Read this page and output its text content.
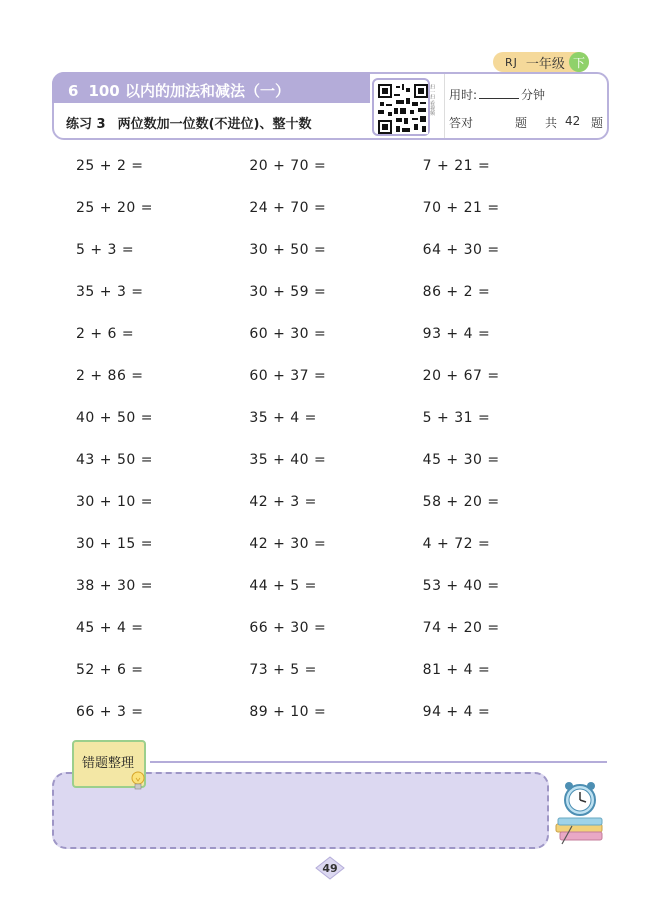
RJ 一年级 下
6 100 以内的加法和减法（一）
练习 3 两位数加一位数(不进位)、整十数
扫一扫 看视频 用时:	分钟
答对	题	共 42 题
25 + 2 =	20 + 70 =	7 + 21 =
25 + 20 =	24 + 70 =	70 + 21 =
5 + 3 =	30 + 50 =	64 + 30 =
35 + 3 =	30 + 59 =	86 + 2 =
2 + 6 =	60 + 30 =	93 + 4 =
2 + 86 =	60 + 37 =	20 + 67 =
40 + 50 =	35 + 4 =	5 + 31 =
43 + 50 =	35 + 40 =	45 + 30 =
30 + 10 =	42 + 3 =	58 + 20 =
30 + 15 =	42 + 30 =	4 + 72 =
38 + 30 =	44 + 5 =	53 + 40 =
45 + 4 =	66 + 30 =	74 + 20 =
52 + 6 =	73 + 5 =	81 + 4 =
66 + 3 =	89 + 10 =	94 + 4 =
错题整理
49
